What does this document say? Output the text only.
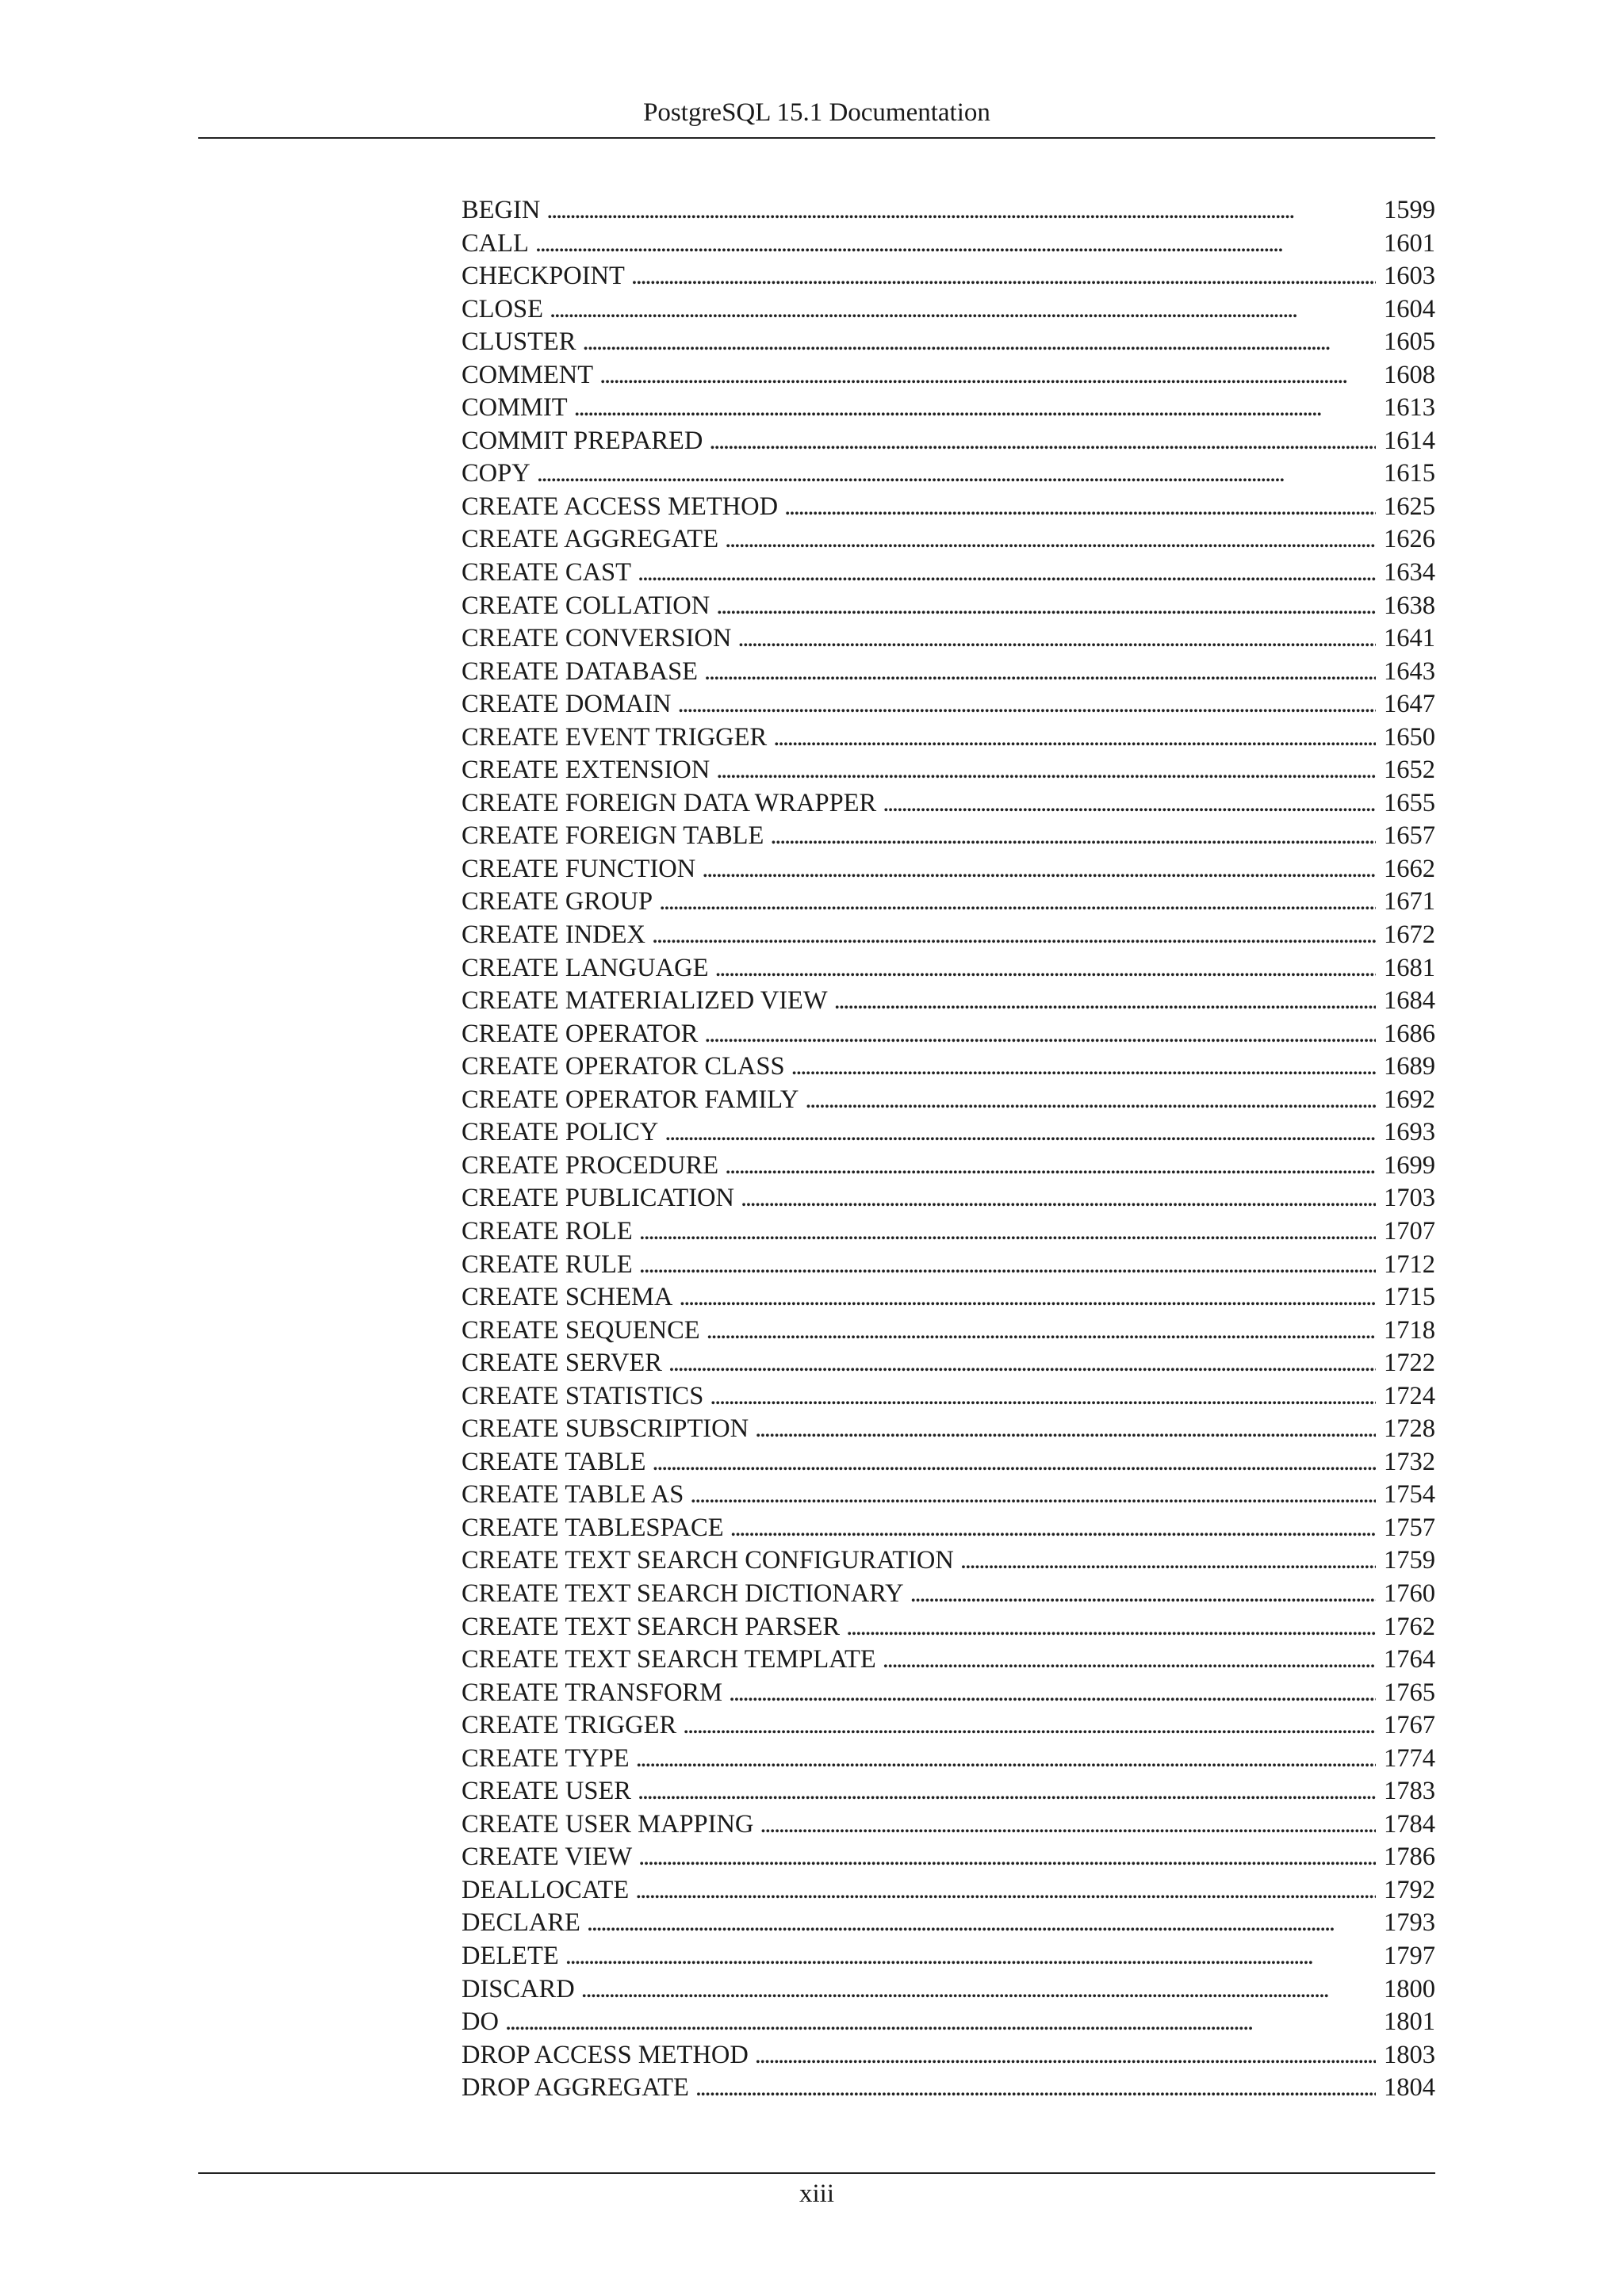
PostgreSQL 15.1 Documentation
BEGIN . . .	1599
CALL . . .	1601
CHECKPOINT . . .	1603
CLOSE . . .	1604
CLUSTER . . .	1605
COMMENT . . .	1608
COMMIT . . .	1613
COMMIT PREPARED . . .	1614
COPY . . .	1615
CREATE ACCESS METHOD . . .	1625
CREATE AGGREGATE . . .	1626
CREATE CAST . . .	1634
CREATE COLLATION . . .	1638
CREATE CONVERSION . . .	1641
CREATE DATABASE . . .	1643
CREATE DOMAIN . . .	1647
CREATE EVENT TRIGGER . . .	1650
CREATE EXTENSION . . .	1652
CREATE FOREIGN DATA WRAPPER . . .	1655
CREATE FOREIGN TABLE . . .	1657
CREATE FUNCTION . . .	1662
CREATE GROUP . . .	1671
CREATE INDEX . . .	1672
CREATE LANGUAGE . . .	1681
CREATE MATERIALIZED VIEW . . .	1684
CREATE OPERATOR . . .	1686
CREATE OPERATOR CLASS . . .	1689
CREATE OPERATOR FAMILY . . .	1692
CREATE POLICY . . .	1693
CREATE PROCEDURE . . .	1699
CREATE PUBLICATION . . .	1703
CREATE ROLE . . .	1707
CREATE RULE . . .	1712
CREATE SCHEMA . . .	1715
CREATE SEQUENCE . . .	1718
CREATE SERVER . . .	1722
CREATE STATISTICS . . .	1724
CREATE SUBSCRIPTION . . .	1728
CREATE TABLE . . .	1732
CREATE TABLE AS . . .	1754
CREATE TABLESPACE . . .	1757
CREATE TEXT SEARCH CONFIGURATION . . .	1759
CREATE TEXT SEARCH DICTIONARY . . .	1760
CREATE TEXT SEARCH PARSER . . .	1762
CREATE TEXT SEARCH TEMPLATE . . .	1764
CREATE TRANSFORM . . .	1765
CREATE TRIGGER . . .	1767
CREATE TYPE . . .	1774
CREATE USER . . .	1783
CREATE USER MAPPING . . .	1784
CREATE VIEW . . .	1786
DEALLOCATE . . .	1792
DECLARE . . .	1793
DELETE . . .	1797
DISCARD . . .	1800
DO . . .	1801
DROP ACCESS METHOD . . .	1803
DROP AGGREGATE . . .	1804
xiii
